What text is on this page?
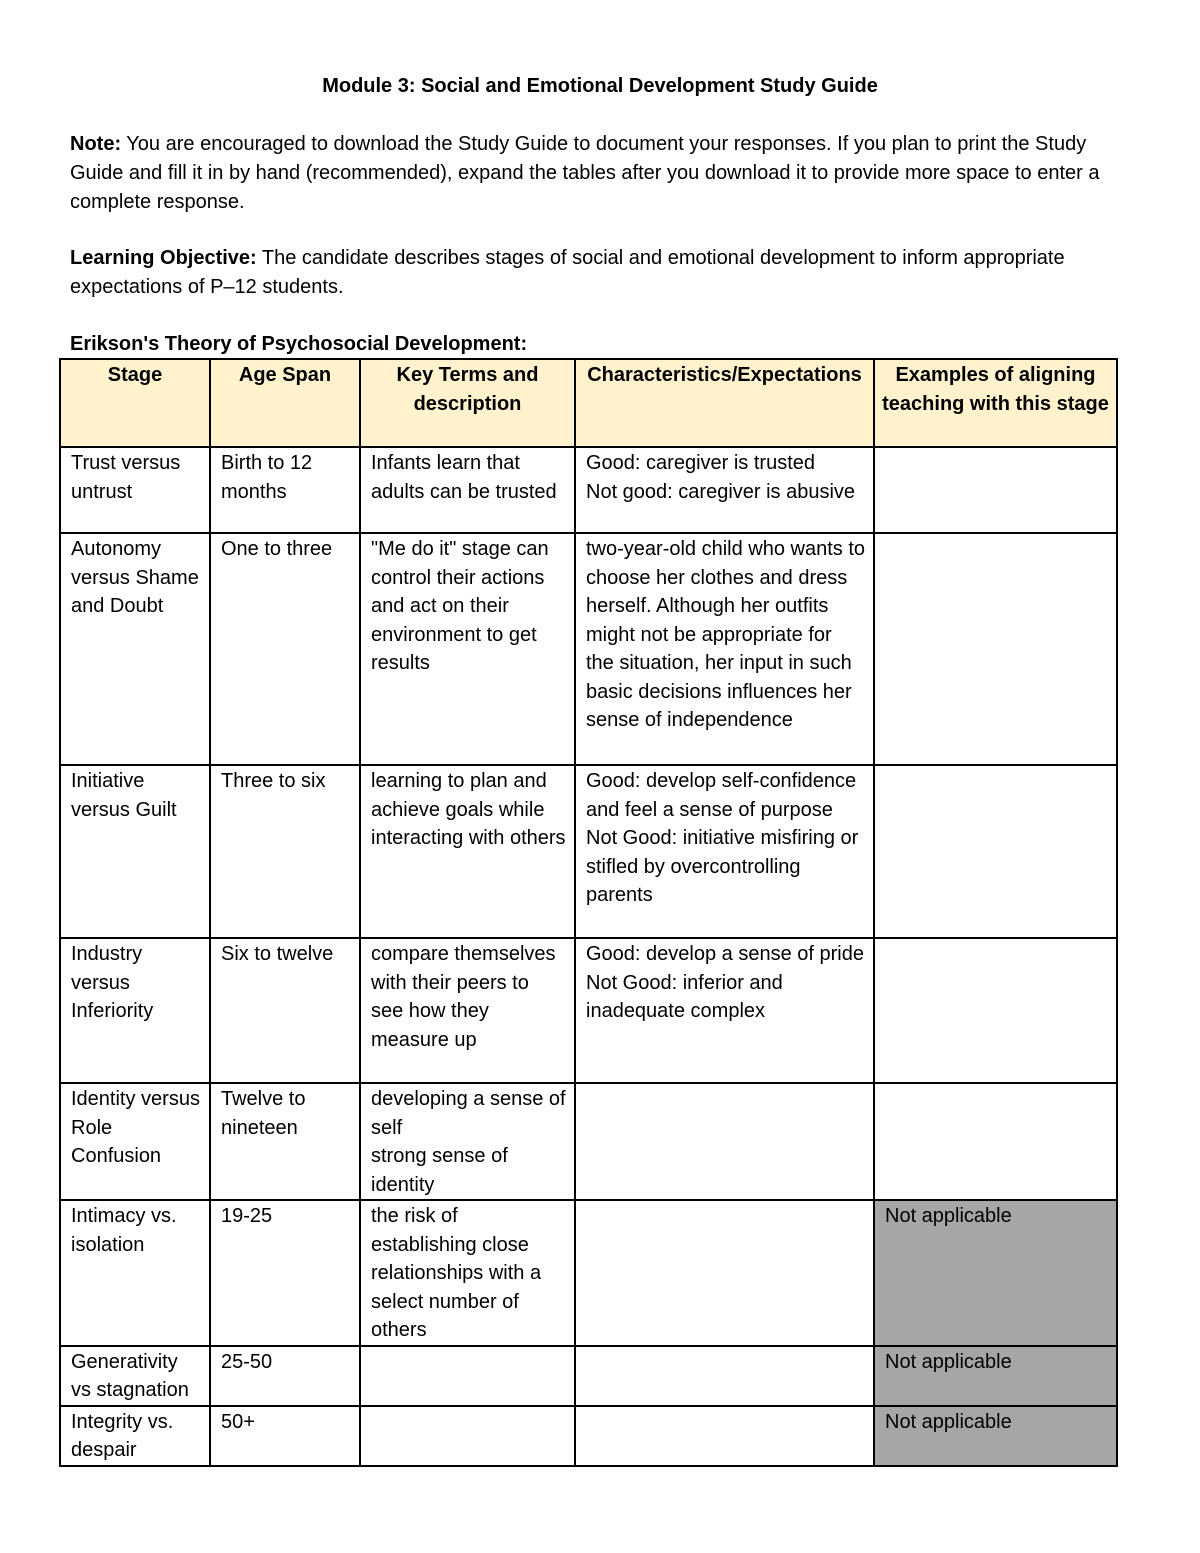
Module 3: Social and Emotional Development Study Guide
Note: You are encouraged to download the Study Guide to document your responses. If you plan to print the Study Guide and fill it in by hand (recommended), expand the tables after you download it to provide more space to enter a complete response.
Learning Objective: The candidate describes stages of social and emotional development to inform appropriate expectations of P–12 students.
Erikson's Theory of Psychosocial Development:
Stage	Age Span	Key Terms and description	Characteristics/Expectations	Examples of aligning teaching with this stage
Trust versus untrust	Birth to 12 months	Infants learn that adults can be trusted	Good: caregiver is trusted
Not good: caregiver is abusive	

Autonomy versus Shame and Doubt	One to three	"Me do it" stage can control their actions and act on their environment to get results	two-year-old child who wants to choose her clothes and dress herself. Although her outfits might not be appropriate for the situation, her input in such basic decisions influences her sense of independence	

Initiative versus Guilt	Three to six	learning to plan and achieve goals while interacting with others	Good: develop self-confidence and feel a sense of purpose
Not Good: initiative misfiring or stifled by overcontrolling parents	

Industry versus Inferiority	Six to twelve	compare themselves with their peers to see how they measure up	Good: develop a sense of pride
Not Good: inferior and inadequate complex	

Identity versus Role Confusion	Twelve to nineteen	developing a sense of self
strong sense of identity		

Intimacy vs. isolation	19-25	the risk of establishing close relationships with a select number of others		Not applicable
Generativity vs stagnation	25-50			Not applicable
Integrity vs. despair	50+			Not applicable
